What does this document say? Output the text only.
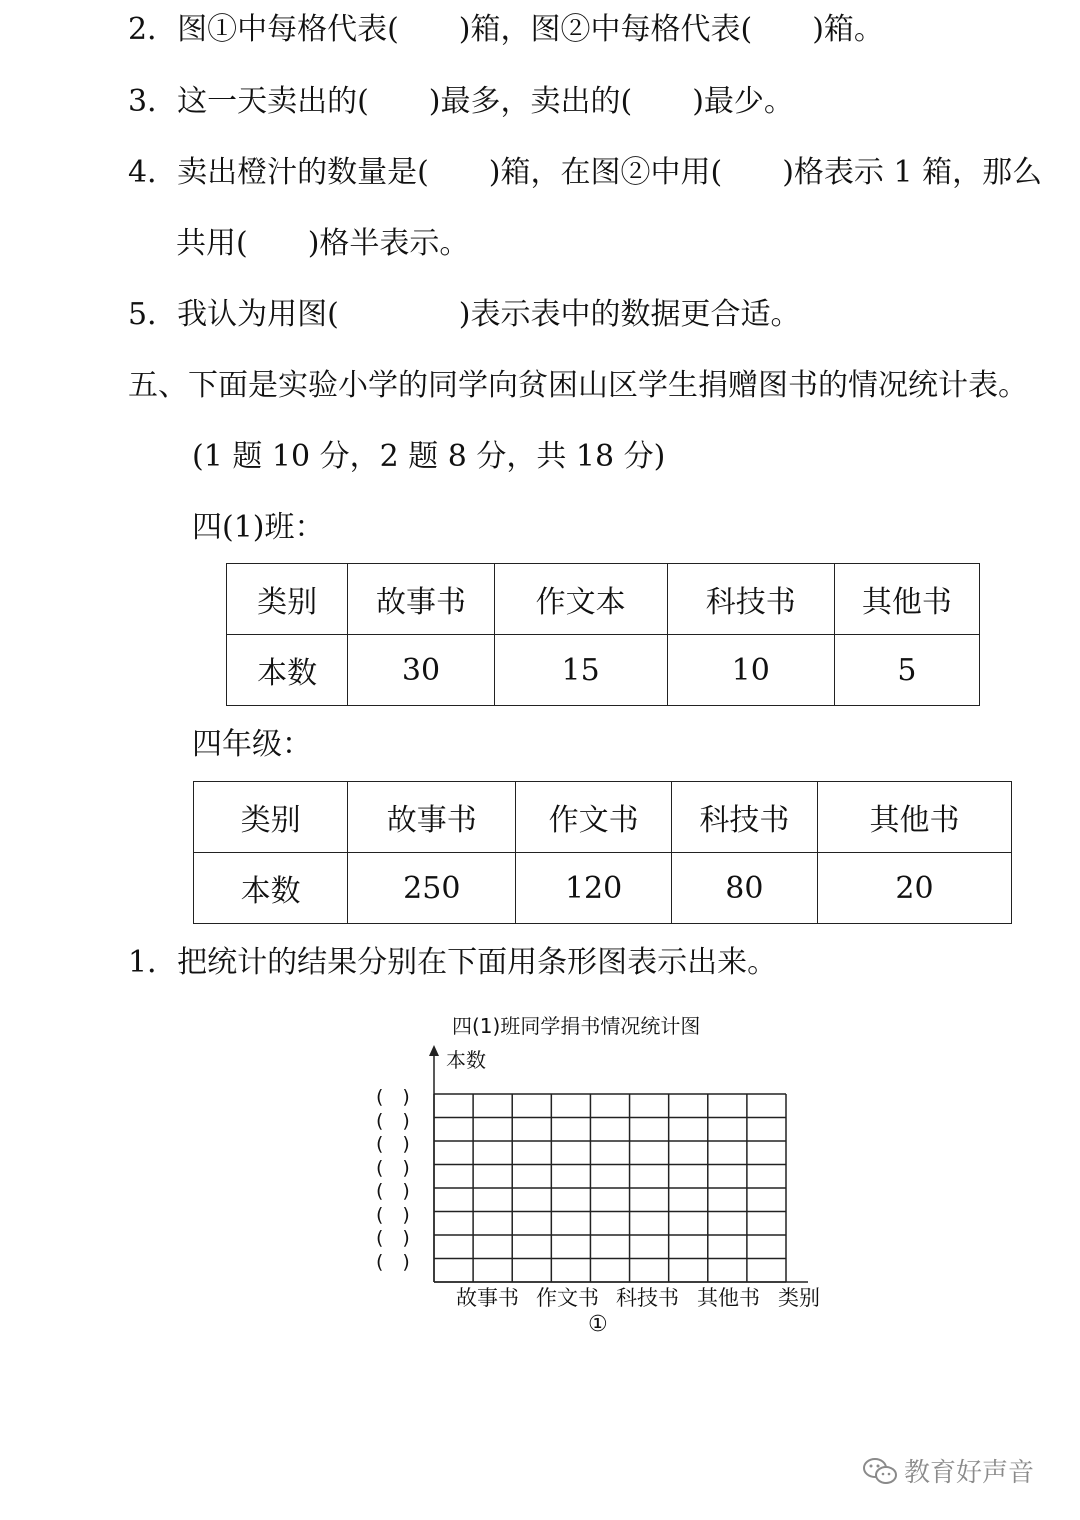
2．图①中每格代表(　　)箱，图②中每格代表(　　)箱。
3．这一天卖出的(　　)最多，卖出的(　　)最少。
4．卖出橙汁的数量是(　　)箱，在图②中用(　　)格表示 1 箱，那么
共用(　　)格半表示。
5．我认为用图(　　　　)表示表中的数据更合适。
五、下面是实验小学的同学向贫困山区学生捐赠图书的情况统计表。
(1 题 10 分，2 题 8 分，共 18 分)
四(1)班：
类别	故事书	作文本	科技书	其他书
本数	30	15	10	5
四年级：
类别	故事书	作文书	科技书	其他书
本数	250	120	80	20
1．把统计的结果分别在下面用条形图表示出来。
四(1)班同学捐书情况统计图
本数
(　)
(　)
(　)
(　)
(　)
(　)
(　)
(　)
故事书 作文书 科技书 其他书 类别
①
教育好声音
